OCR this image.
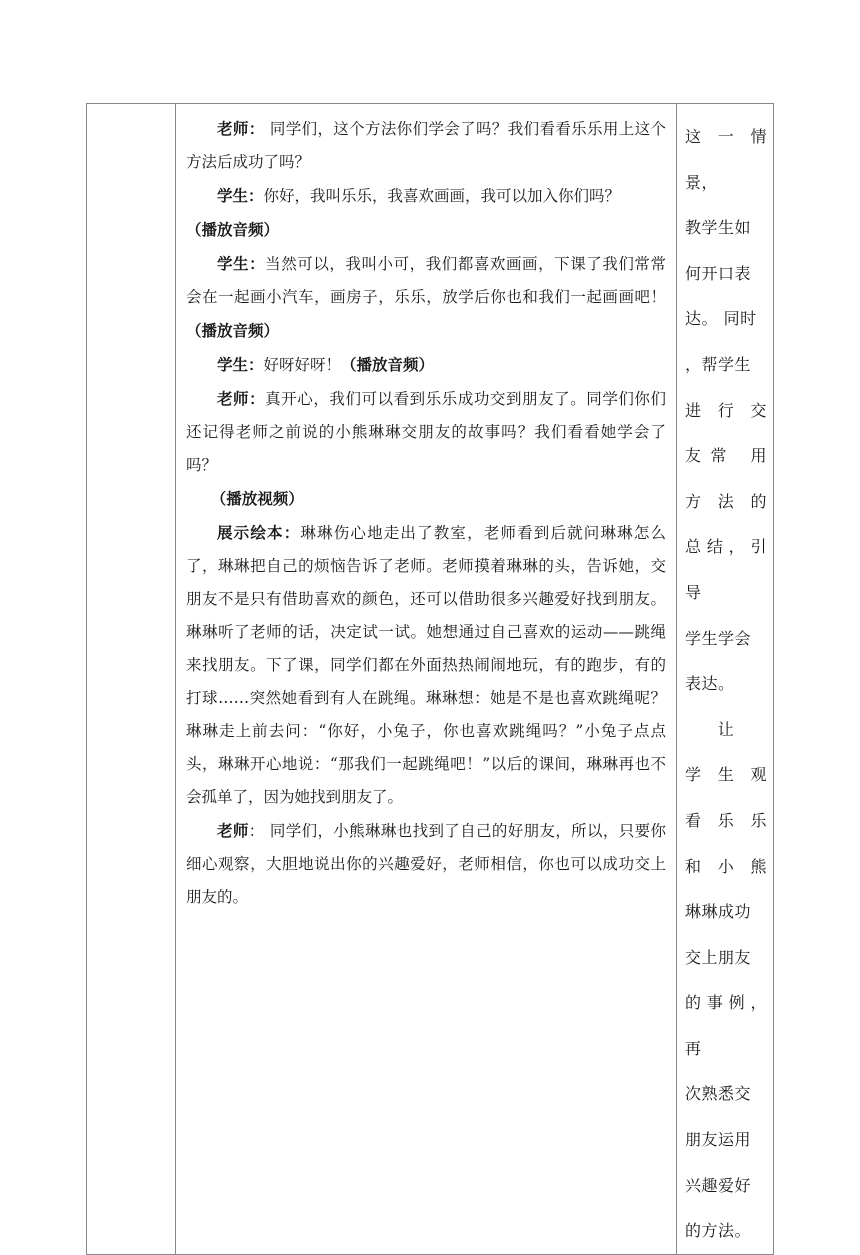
老师： 同学们，这个方法你们学会了吗？我们看看乐乐用上这个方法后成功了吗？

学生：你好，我叫乐乐，我喜欢画画，我可以加入你们吗？

（播放音频）

学生：当然可以，我叫小可，我们都喜欢画画，下课了我们常常会在一起画小汽车，画房子，乐乐，放学后你也和我们一起画画吧！（播放音频）

学生：好呀好呀！（播放音频）

老师：真开心，我们可以看到乐乐成功交到朋友了。同学们你们还记得老师之前说的小熊琳琳交朋友的故事吗？我们看看她学会了吗？

（播放视频）

展示绘本：琳琳伤心地走出了教室，老师看到后就问琳琳怎么了，琳琳把自己的烦恼告诉了老师。老师摸着琳琳的头，告诉她，交朋友不是只有借助喜欢的颜色，还可以借助很多兴趣爱好找到朋友。琳琳听了老师的话，决定试一试。她想通过自己喜欢的运动——跳绳来找朋友。下了课，同学们都在外面热热闹闹地玩，有的跑步，有的打球……突然她看到有人在跳绳。琳琳想：她是不是也喜欢跳绳呢？琳琳走上前去问：“你好，小兔子，你也喜欢跳绳吗？”小兔子点点头，琳琳开心地说：“那我们一起跳绳吧！”以后的课间，琳琳再也不会孤单了，因为她找到朋友了。

老师： 同学们，小熊琳琳也找到了自己的好朋友，所以，只要你细心观察，大胆地说出你的兴趣爱好，老师相信，你也可以成功交上朋友的。

这一情景，
教学生如
何开口表
达。 同时
，帮学生
进 行 交
友常 用
方 法 的
总结，引导
学生学会
表达。
让
学 生 观
看 乐 乐
和 小 熊
琳琳成功
交上朋友
的事例，再
次熟悉交
朋友运用
兴趣爱好
的方法。
